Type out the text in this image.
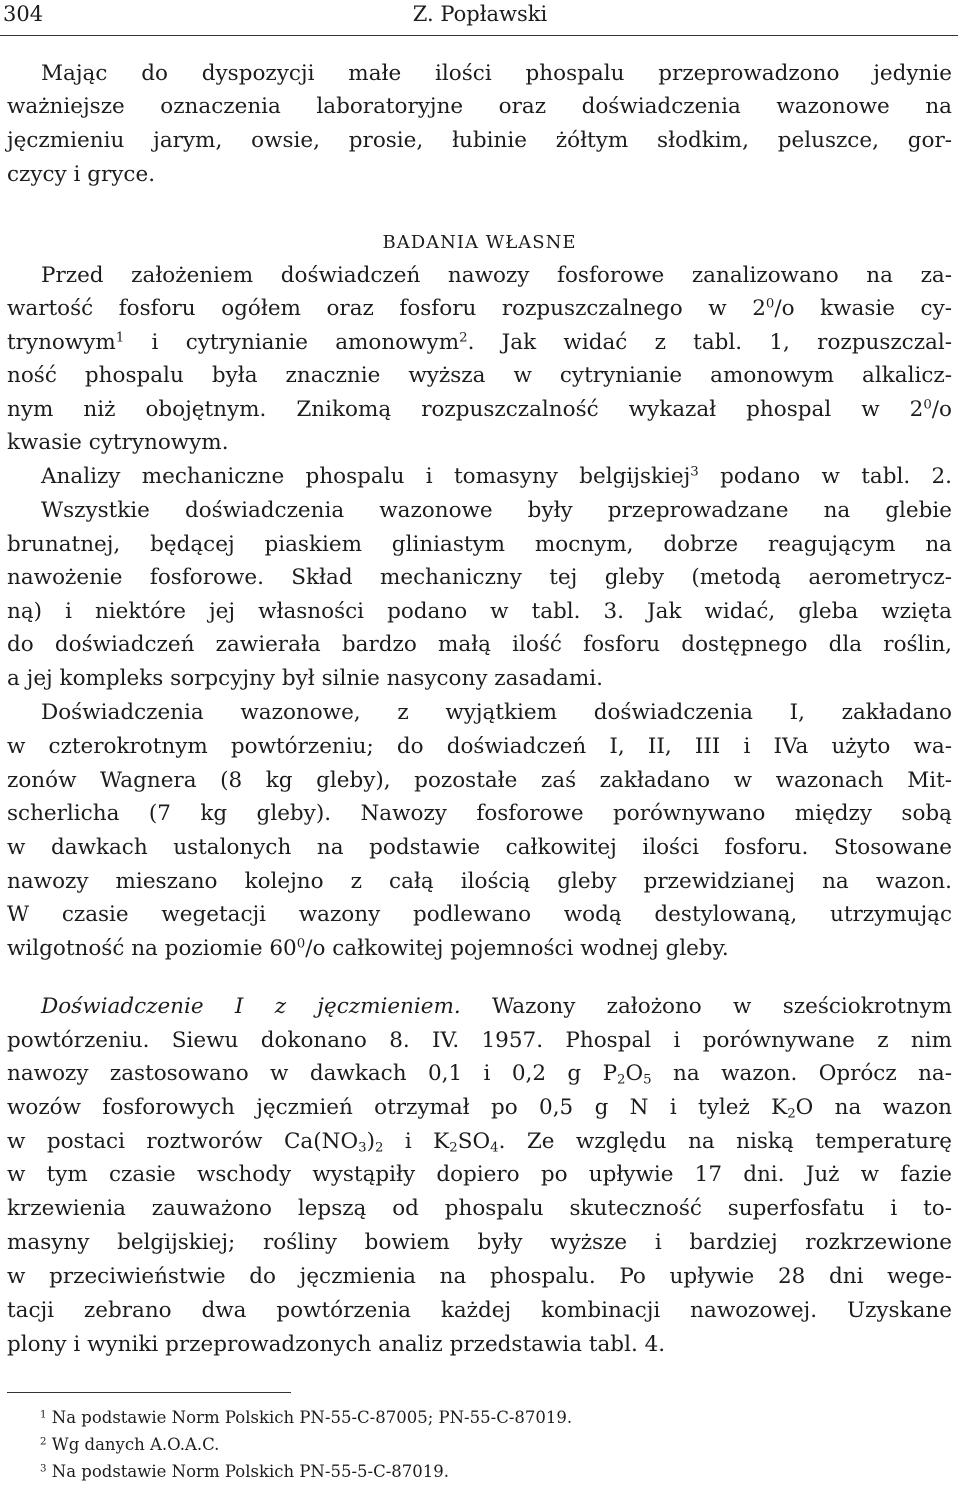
304	Z. Popławski
Mając do dyspozycji małe ilości phospalu przeprowadzono jedynie
ważniejsze oznaczenia laboratoryjne oraz doświadczenia wazonowe na
jęczmieniu jarym, owsie, prosie, łubinie żółtym słodkim, peluszce, gor-
czycy i gryce.
BADANIA WŁASNE
Przed założeniem doświadczeń nawozy fosforowe zanalizowano na za-
wartość fosforu ogółem oraz fosforu rozpuszczalnego w $2^0/o$ kwasie cy-
trynowym$^1$ i cytrynianie amonowym$^2$. Jak widać z tabl. 1, rozpuszczal-
ność phospalu była znacznie wyższa w cytrynianie amonowym alkalicz-
nym niż obojętnym. Znikomą rozpuszczalność wykazał phospal w $2^0/o$
kwasie cytrynowym.
Analizy mechaniczne phospalu i tomasyny belgijskiej$^3$ podano w tabl. 2.
Wszystkie doświadczenia wazonowe były przeprowadzane na glebie
brunatnej, będącej piaskiem gliniastym mocnym, dobrze reagującym na
nawożenie fosforowe. Skład mechaniczny tej gleby (metodą aerometrycz-
ną) i niektóre jej własności podano w tabl. 3. Jak widać, gleba wzięta
do doświadczeń zawierała bardzo małą ilość fosforu dostępnego dla roślin,
a jej kompleks sorpcyjny był silnie nasycony zasadami.
Doświadczenia wazonowe, z wyjątkiem doświadczenia I, zakładano
w czterokrotnym powtórzeniu; do doświadczeń I, II, III i IVa użyto wa-
zonów Wagnera (8 kg gleby), pozostałe zaś zakładano w wazonach Mit-
scherlicha (7 kg gleby). Nawozy fosforowe porównywano między sobą
w dawkach ustalonych na podstawie całkowitej ilości fosforu. Stosowane
nawozy mieszano kolejno z całą ilością gleby przewidzianej na wazon.
W czasie wegetacji wazony podlewano wodą destylowaną, utrzymując
wilgotność na poziomie $60^0/o$ całkowitej pojemności wodnej gleby.
Doświadczenie I z jęczmieniem. Wazony założono w sześciokrotnym
powtórzeniu. Siewu dokonano 8. IV. 1957. Phospal i porównywane z nim
nawozy zastosowano w dawkach 0,1 i 0,2 g $P_2O_5$ na wazon. Oprócz na-
wozów fosforowych jęczmień otrzymał po 0,5 g N i tyleż $K_2O$ na wazon
w postaci roztworów $Ca(NO_3)_2$ i $K_2SO_4$. Ze względu na niską temperaturę
w tym czasie wschody wystąpiły dopiero po upływie 17 dni. Już w fazie
krzewienia zauważono lepszą od phospalu skuteczność superfosfatu i to-
masyny belgijskiej; rośliny bowiem były wyższe i bardziej rozkrzewione
w przeciwieństwie do jęczmienia na phospalu. Po upływie 28 dni wege-
tacji zebrano dwa powtórzenia każdej kombinacji nawozowej. Uzyskane
plony i wyniki przeprowadzonych analiz przedstawia tabl. 4.
$^1$ Na podstawie Norm Polskich PN-55-C-87005; PN-55-C-87019.
$^2$ Wg danych A.O.A.C.
$^3$ Na podstawie Norm Polskich PN-55-5-C-87019.
